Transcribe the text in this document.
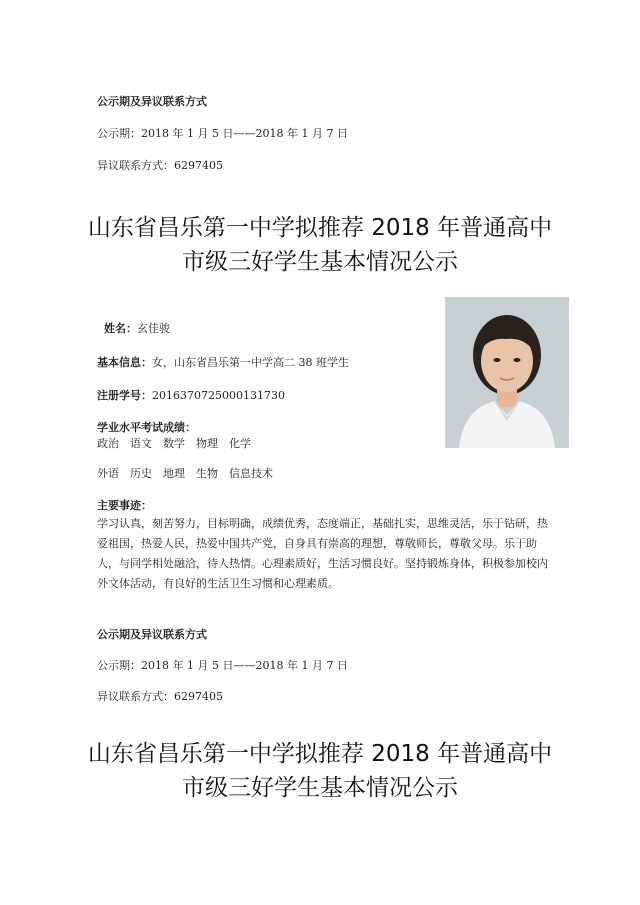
公示期及异议联系方式
公示期：2018 年 1 月 5 日——2018 年 1 月 7 日
异议联系方式：6297405
山东省昌乐第一中学拟推荐 2018 年普通高中
市级三好学生基本情况公示
姓名：玄佳骏
基本信息：女，山东省昌乐第一中学高二 38 班学生
注册学号：20163707250001317​30
学业水平考试成绩：
政治　语文　数学　物理　化学
外语　历史　地理　生物　信息技术
主要事迹：
学习认真，刻苦努力，目标明确，成绩优秀，态度端正，基础扎实，思维灵活，乐于钻研，热爱祖国，热爱人民，热爱中国共产党，自身具有崇高的理想，尊敬师长，尊敬父母。乐于助人，与同学相处融洽，待人热情。心理素质好，生活习惯良好。坚持锻炼身体，积极参加校内外文体活动，有良好的生活卫生习惯和心理素质。
公示期及异议联系方式
公示期：2018 年 1 月 5 日——2018 年 1 月 7 日
异议联系方式：6297405
山东省昌乐第一中学拟推荐 2018 年普通高中
市级三好学生基本情况公示
